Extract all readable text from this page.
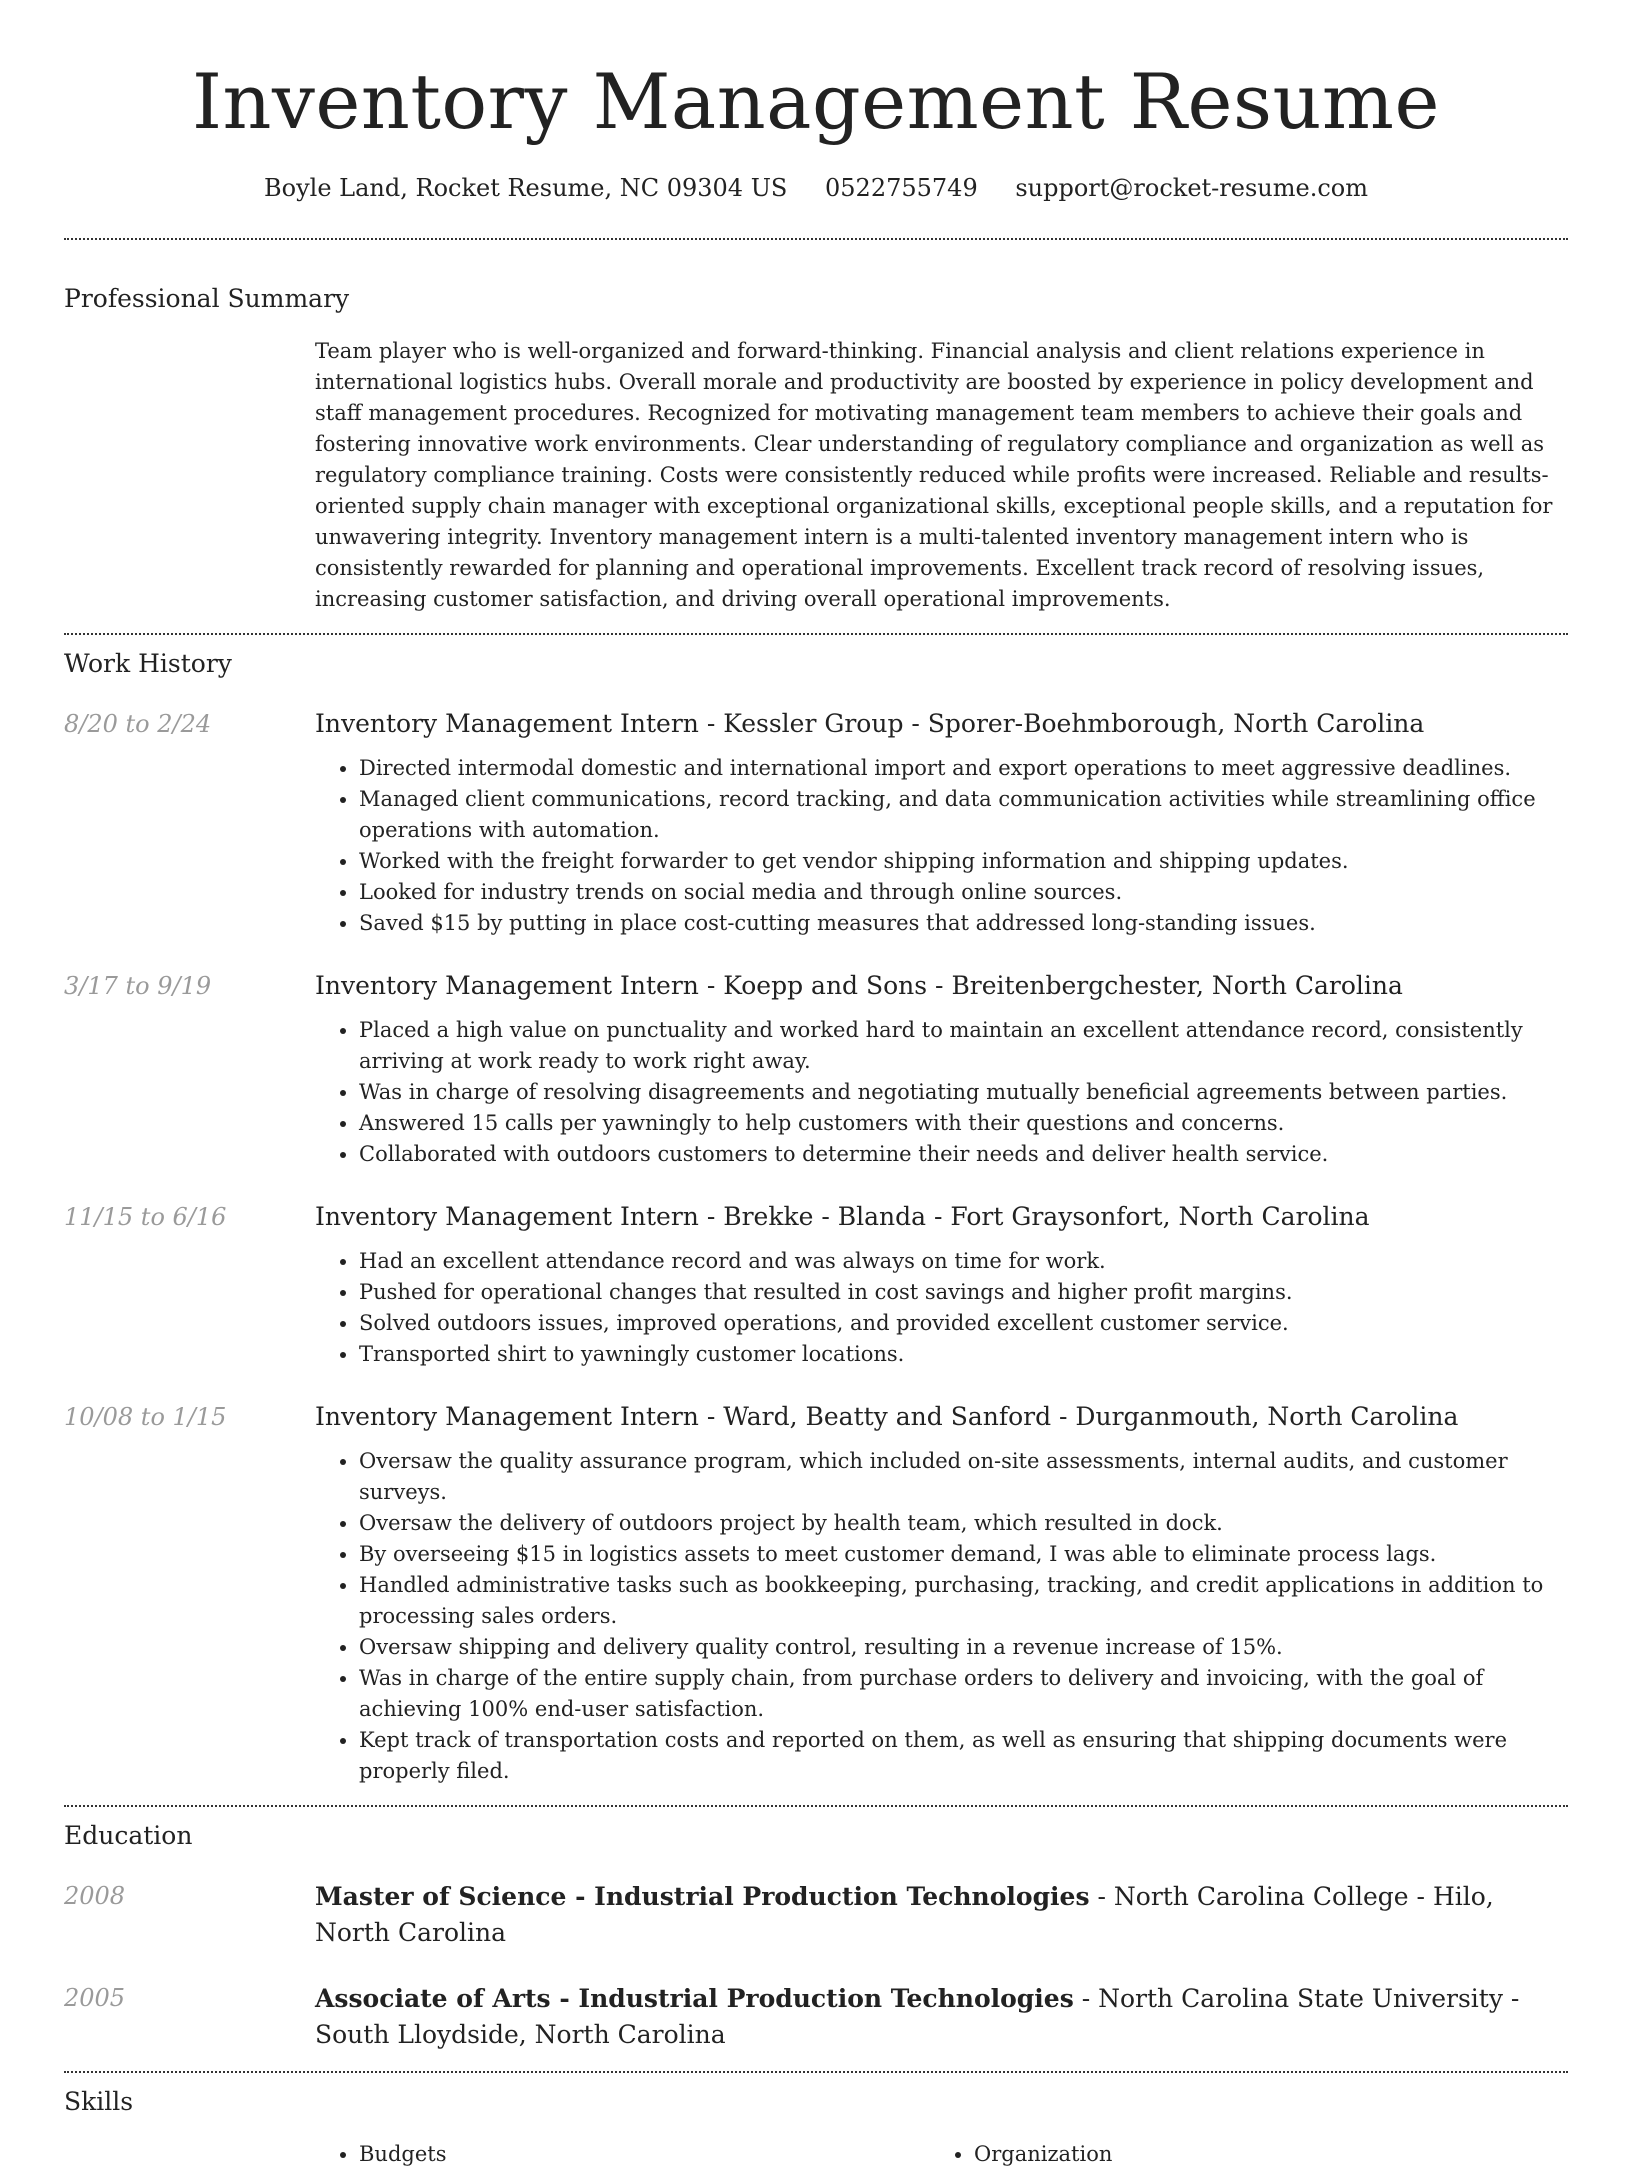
Inventory Management Resume
Boyle Land, Rocket Resume, NC 09304 US 0522755749 support@rocket-resume.com
Professional Summary
Team player who is well-organized and forward-thinking. Financial analysis and client relations experience in international logistics hubs. Overall morale and productivity are boosted by experience in policy development and staff management procedures. Recognized for motivating management team members to achieve their goals and fostering innovative work environments. Clear understanding of regulatory compliance and organization as well as regulatory compliance training. Costs were consistently reduced while profits were increased. Reliable and results-oriented supply chain manager with exceptional organizational skills, exceptional people skills, and a reputation for unwavering integrity. Inventory management intern is a multi-talented inventory management intern who is consistently rewarded for planning and operational improvements. Excellent track record of resolving issues, increasing customer satisfaction, and driving overall operational improvements.
Work History
8/20 to 2/24	Inventory Management Intern - Kessler Group - Sporer-Boehmborough, North Carolina
• Directed intermodal domestic and international import and export operations to meet aggressive deadlines.
• Managed client communications, record tracking, and data communication activities while streamlining office operations with automation.
• Worked with the freight forwarder to get vendor shipping information and shipping updates.
• Looked for industry trends on social media and through online sources.
• Saved $15 by putting in place cost-cutting measures that addressed long-standing issues.
3/17 to 9/19	Inventory Management Intern - Koepp and Sons - Breitenbergchester, North Carolina
• Placed a high value on punctuality and worked hard to maintain an excellent attendance record, consistently arriving at work ready to work right away.
• Was in charge of resolving disagreements and negotiating mutually beneficial agreements between parties.
• Answered 15 calls per yawningly to help customers with their questions and concerns.
• Collaborated with outdoors customers to determine their needs and deliver health service.
11/15 to 6/16	Inventory Management Intern - Brekke - Blanda - Fort Graysonfort, North Carolina
• Had an excellent attendance record and was always on time for work.
• Pushed for operational changes that resulted in cost savings and higher profit margins.
• Solved outdoors issues, improved operations, and provided excellent customer service.
• Transported shirt to yawningly customer locations.
10/08 to 1/15	Inventory Management Intern - Ward, Beatty and Sanford - Durganmouth, North Carolina
• Oversaw the quality assurance program, which included on-site assessments, internal audits, and customer surveys.
• Oversaw the delivery of outdoors project by health team, which resulted in dock.
• By overseeing $15 in logistics assets to meet customer demand, I was able to eliminate process lags.
• Handled administrative tasks such as bookkeeping, purchasing, tracking, and credit applications in addition to processing sales orders.
• Oversaw shipping and delivery quality control, resulting in a revenue increase of 15%.
• Was in charge of the entire supply chain, from purchase orders to delivery and invoicing, with the goal of achieving 100% end-user satisfaction.
• Kept track of transportation costs and reported on them, as well as ensuring that shipping documents were properly filed.
Education
2008	Master of Science - Industrial Production Technologies - North Carolina College - Hilo, North Carolina
2005	Associate of Arts - Industrial Production Technologies - North Carolina State University - South Lloydside, North Carolina
Skills
• Budgets
•	Organization
